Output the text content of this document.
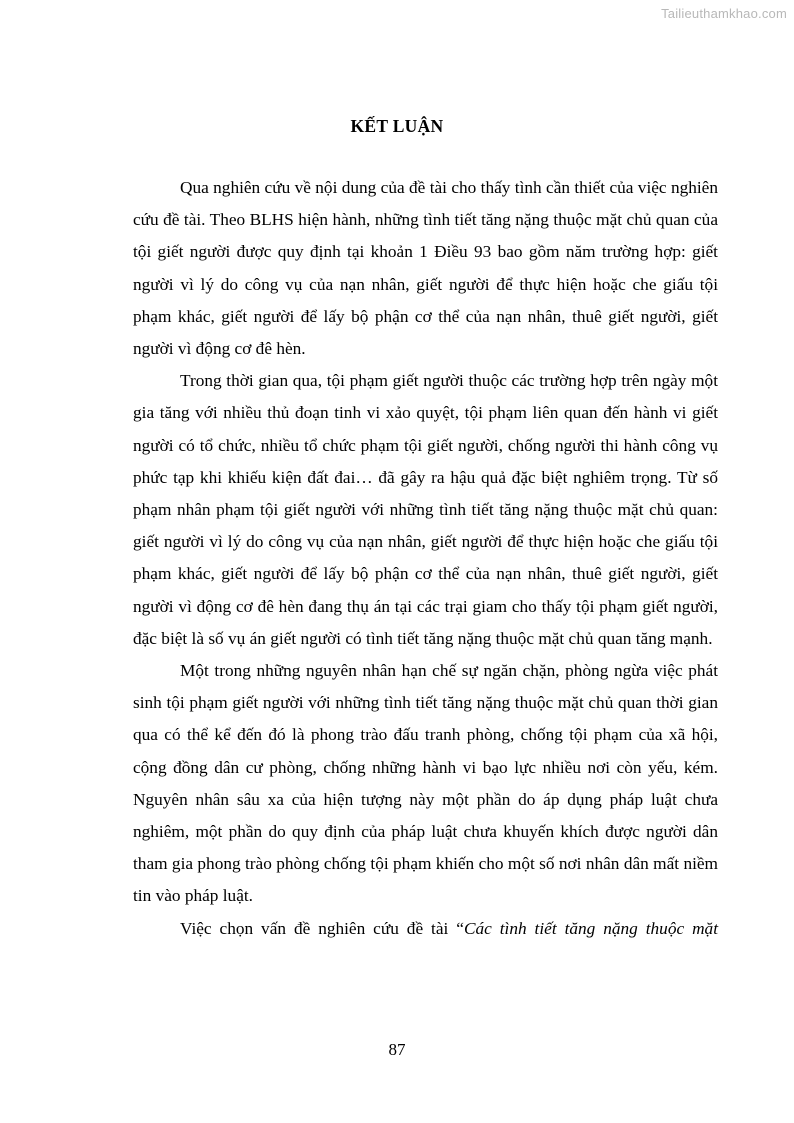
Tailieuthamkhao.com
KẾT LUẬN

Qua nghiên cứu về nội dung của đề tài cho thấy tình cần thiết của việc nghiên cứu đề tài. Theo BLHS hiện hành, những tình tiết tăng nặng thuộc mặt chủ quan của tội giết người được quy định tại khoản 1 Điều 93 bao gồm năm trường hợp: giết người vì lý do công vụ của nạn nhân, giết người để thực hiện hoặc che giấu tội phạm khác, giết người để lấy bộ phận cơ thể của nạn nhân, thuê giết người, giết người vì động cơ đê hèn.

Trong thời gian qua, tội phạm giết người thuộc các trường hợp trên ngày một gia tăng với nhiều thủ đoạn tinh vi xảo quyệt, tội phạm liên quan đến hành vi giết người có tổ chức, nhiều tổ chức phạm tội giết người, chống người thi hành công vụ phức tạp khi khiếu kiện đất đai… đã gây ra hậu quả đặc biệt nghiêm trọng. Từ số phạm nhân phạm tội giết người với những tình tiết tăng nặng thuộc mặt chủ quan: giết người vì lý do công vụ của nạn nhân, giết người để thực hiện hoặc che giấu tội phạm khác, giết người để lấy bộ phận cơ thể của nạn nhân, thuê giết người, giết người vì động cơ đê hèn đang thụ án tại các trại giam cho thấy tội phạm giết người, đặc biệt là số vụ án giết người có tình tiết tăng nặng thuộc mặt chủ quan tăng mạnh.

Một trong những nguyên nhân hạn chế sự ngăn chặn, phòng ngừa việc phát sinh tội phạm giết người với những tình tiết tăng nặng thuộc mặt chủ quan thời gian qua có thể kể đến đó là phong trào đấu tranh phòng, chống tội phạm của xã hội, cộng đồng dân cư phòng, chống những hành vi bạo lực nhiều nơi còn yếu, kém. Nguyên nhân sâu xa của hiện tượng này một phần do áp dụng pháp luật chưa nghiêm, một phần do quy định của pháp luật chưa khuyến khích được người dân tham gia phong trào phòng chống tội phạm khiến cho một số nơi nhân dân mất niềm tin vào pháp luật.

Việc chọn vấn đề nghiên cứu đề tài “Các tình tiết tăng nặng thuộc mặt

87
